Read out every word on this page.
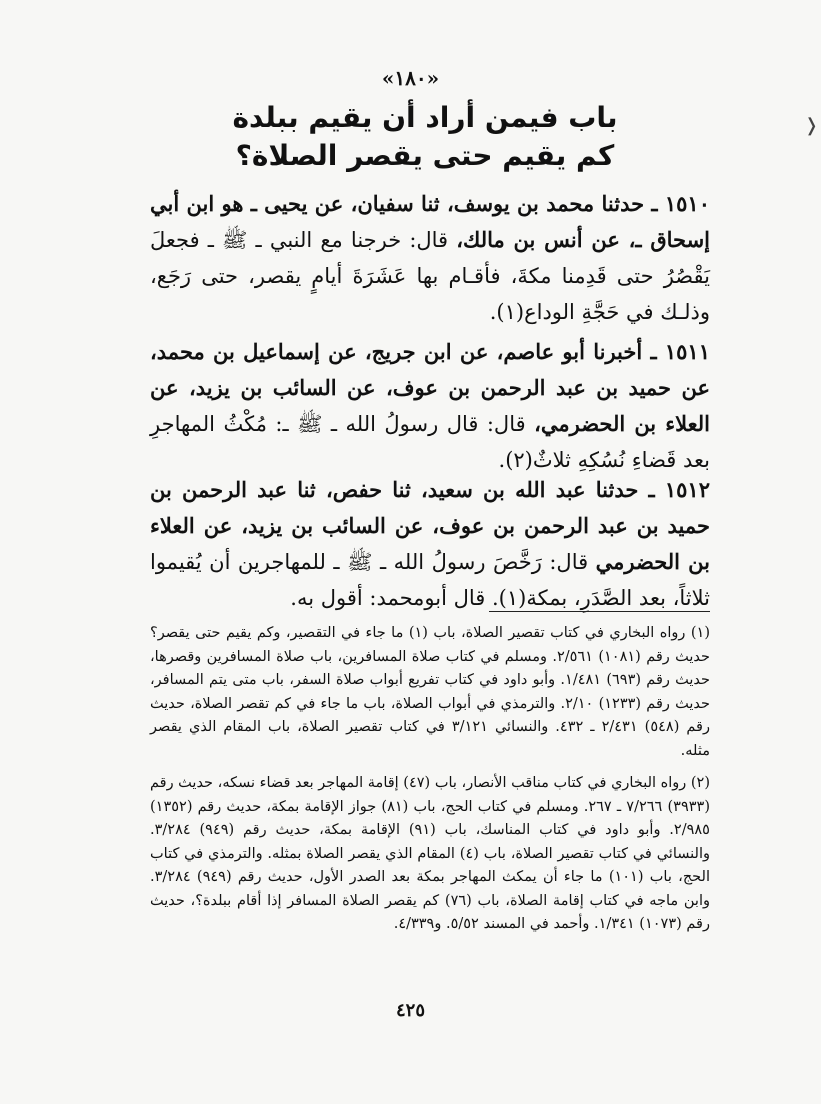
«١٨٠»
باب فيمن أراد أن يقيم ببلدة
كم يقيم حتى يقصر الصلاة؟
١٥١٠ ـ حدثنا محمد بن يوسف، ثنا سفيان، عن يحيى ـ هو ابن أبي إسحاق ـ، عن أنس بن مالك، قال: خرجنا مع النبي ـ ﷺ ـ فجعلَ يَقْصُرُ حتى قَدِمنا مكةَ، فأقـام بها عَشَرَةَ أيامٍ يقصر، حتى رَجَع، وذلـك في حَجَّةِ الوداع(١).
١٥١١ ـ أخبرنا أبو عاصم، عن ابن جريج، عن إسماعيل بن محمد، عن حميد بن عبد الرحمن بن عوف، عن السائب بن يزيد، عن العلاء بن الحضرمي، قال: قال رسولُ الله ـ ﷺ ـ: مُكْثُ المهاجرِ بعد قَضاءِ نُسُكِهِ ثلاثٌ(٢).
١٥١٢ ـ حدثنا عبد الله بن سعيد، ثنا حفص، ثنا عبد الرحمن بن حميد بن عبد الرحمن بن عوف، عن السائب بن يزيد، عن العلاء بن الحضرمي قال: رَخَّصَ رسولُ الله ـ ﷺ ـ للمهاجرين أن يُقيموا ثلاثاً، بعد الصَّدَرِ، بمكة(١). قال أبومحمد: أقول به.
(١) رواه البخاري في كتاب تقصير الصلاة، باب (١) ما جاء في التقصير، وكم يقيم حتى يقصر؟ حديث رقم (١٠٨١) ٢/٥٦١. ومسلم في كتاب صلاة المسافرين، باب صلاة المسافرين وقصرها، حديث رقم (٦٩٣) ١/٤٨١. وأبو داود في كتاب تفريع أبواب صلاة السفر، باب متى يتم المسافر، حديث رقم (١٢٣٣) ٢/١٠. والترمذي في أبواب الصلاة، باب ما جاء في كم تقصر الصلاة، حديث رقم (٥٤٨) ٢/٤٣١ ـ ٤٣٢. والنسائي ٣/١٢١ في كتاب تقصير الصلاة، باب المقام الذي يقصر مثله.
(٢) رواه البخاري في كتاب مناقب الأنصار، باب (٤٧) إقامة المهاجر بعد قضاء نسكه، حديث رقم (٣٩٣٣) ٧/٢٦٦ ـ ٢٦٧. ومسلم في كتاب الحج، باب (٨١) جواز الإقامة بمكة، حديث رقم (١٣٥٢) ٢/٩٨٥. وأبو داود في كتاب المناسك، باب (٩١) الإقامة بمكة، حديث رقم (٩٤٩) ٣/٢٨٤. والنسائي في كتاب تقصير الصلاة، باب (٤) المقام الذي يقصر الصلاة بمثله. والترمذي في كتاب الحج، باب (١٠١) ما جاء أن يمكث المهاجر بمكة بعد الصدر الأول، حديث رقم (٩٤٩) ٣/٢٨٤. وابن ماجه في كتاب إقامة الصلاة، باب (٧٦) كم يقصر الصلاة المسافر إذا أقام ببلدة؟، حديث رقم (١٠٧٣) ١/٣٤١. وأحمد في المسند ٥/٥٢. و٤/٣٣٩.
٤٢٥
❬
